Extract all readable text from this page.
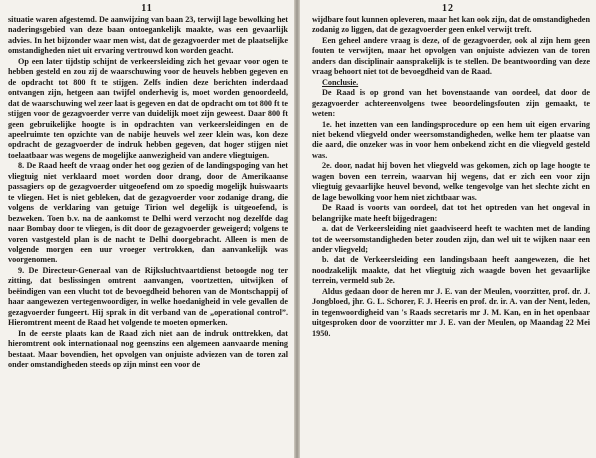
11

situatie waren afgestemd. De aanwijzing van baan 23, terwijl lage bewolking het naderingsgebied van deze baan ontoegankelijk maakte, was een gevaarlijk advies. In het bijzonder waar men wist, dat de gezagvoerder met de plaatselijke omstandigheden niet uit ervaring vertrouwd kon worden geacht.

Op een later tijdstip schijnt de verkeersleiding zich het gevaar voor ogen te hebben gesteld en zou zij de waarschuwing voor de heuvels hebben gegeven en de opdracht tot 800 ft te stijgen. Zelfs indien deze berichten inderdaad ontvangen zijn, hetgeen aan twijfel onderhevig is, moet worden genoordeeld, dat de waarschuwing wel zeer laat is gegeven en dat de opdracht om tot 800 ft te stijgen voor de gezagvoerder verre van duidelijk moet zijn geweest. Daar 800 ft geen gebruikelijke hoogte is in opdrachten van verkeersleidingen en de apeelruimte ten opzichte van de nabije heuvels wel zeer klein was, kon deze opdracht de gezagvoerder de indruk hebben gegeven, dat hoger stijgen niet toelaatbaar was wegens de mogelijke aanwezigheid van andere vliegtuigen.

8. De Raad heeft de vraag onder het oog gezien of de landingspoging van het vliegtuig niet verklaard moet worden door drang, door de Amerikaanse passagiers op de gezagvoerder uitgeoefend om zo spoedig mogelijk huiswaarts te vliegen. Het is niet gebleken, dat de gezagvoerder voor zodanige drang, die volgens de verklaring van getuige Tirion wel degelijk is uitgeoefend, is bezweken. Toen b.v. na de aankomst te Delhi werd verzocht nog dezelfde dag naar Bombay door te vliegen, is dit door de gezagvoerder geweigerd; volgens te voren vastgesteld plan is de nacht te Delhi doorgebracht. Alleen is men de volgende morgen een uur vroeger vertrokken, dan aanvankelijk was voorgenomen.

9. De Directeur-Generaal van de Rijksluchtvaartdienst betoogde nog ter zitting, dat beslissingen omtrent aanvangen, voortzetten, uitwijken of beëindigen van een vlucht tot de bevoegdheid behoren van de Montschappij of haar aangewezen vertegenwoordiger, in welke hoedanigheid in vele gevallen de gezagvoerder fungeert. Hij sprak in dit verband van de „operational control”. Hieromtrent meent de Raad het volgende te moeten opmerken.

In de eerste plaats kan de Raad zich niet aan de indruk onttrekken, dat hieromtrent ook internationaal nog geenszins een algemeen aanvaarde mening bestaat. Maar bovendien, het opvolgen van onjuiste adviezen van de toren zal onder omstandigheden steeds op zijn minst een voor de

12

wijdbare fout kunnen opleveren, maar het kan ook zijn, dat de omstandigheden zodanig zo liggen, dat de gezagvoerder geen enkel verwijt treft.

Een geheel andere vraag is deze, of de gezagvoerder, ook al zijn hem geen fouten te verwijten, maar het opvolgen van onjuiste adviezen van de toren anders dan disciplinair aansprakelijk is te stellen. De beantwoording van deze vraag behoort niet tot de bevoegdheid van de Raad.

Conclusie.

De Raad is op grond van het bovenstaande van oordeel, dat door de gezagvoerder achtereenvolgens twee beoordelingsfouten zijn gemaakt, te weten:

1e. het inzetten van een landingsprocedure op een hem uit eigen ervaring niet bekend vliegveld onder weersomstandigheden, welke hem ter plaatse van die aard, die onzeker was in voor hem onbekend zicht en die vliegveld gesteld was.

2e. door, nadat hij boven het vliegveld was gekomen, zich op lage hoogte te wagen boven een terrein, waarvan hij wegens, dat er zich een voor zijn vliegtuig gevaarlijke heuvel bevond, welke tengevolge van het slechte zicht en de lage bewolking voor hem niet zichtbaar was.

De Raad is voorts van oordeel, dat tot het optreden van het ongeval in belangrijke mate heeft bijgedragen:

a. dat de Verkeersleiding niet gaadviseerd heeft te wachten met de landing tot de weersomstandigheden beter zouden zijn, dan wel uit te wijken naar een ander vliegveld;

b. dat de Verkeersleiding een landingsbaan heeft aangewezen, die het noodzakelijk maakte, dat het vliegtuig zich waagde boven het gevaarlijke terrein, vermeld sub 2e.

Aldus gedaan door de heren mr J. E. van der Meulen, voorzitter, prof. dr. J. Jongbloed, jhr. G. L. Schorer, F. J. Heeris en prof. dr. ir. A. van der Nent, leden, in tegenwoordigheid van 's Raads secretaris mr J. M. Kan, en in het openbaar uitgesproken door de voorzitter mr J. E. van der Meulen, op Maandag 22 Mei 1950.
